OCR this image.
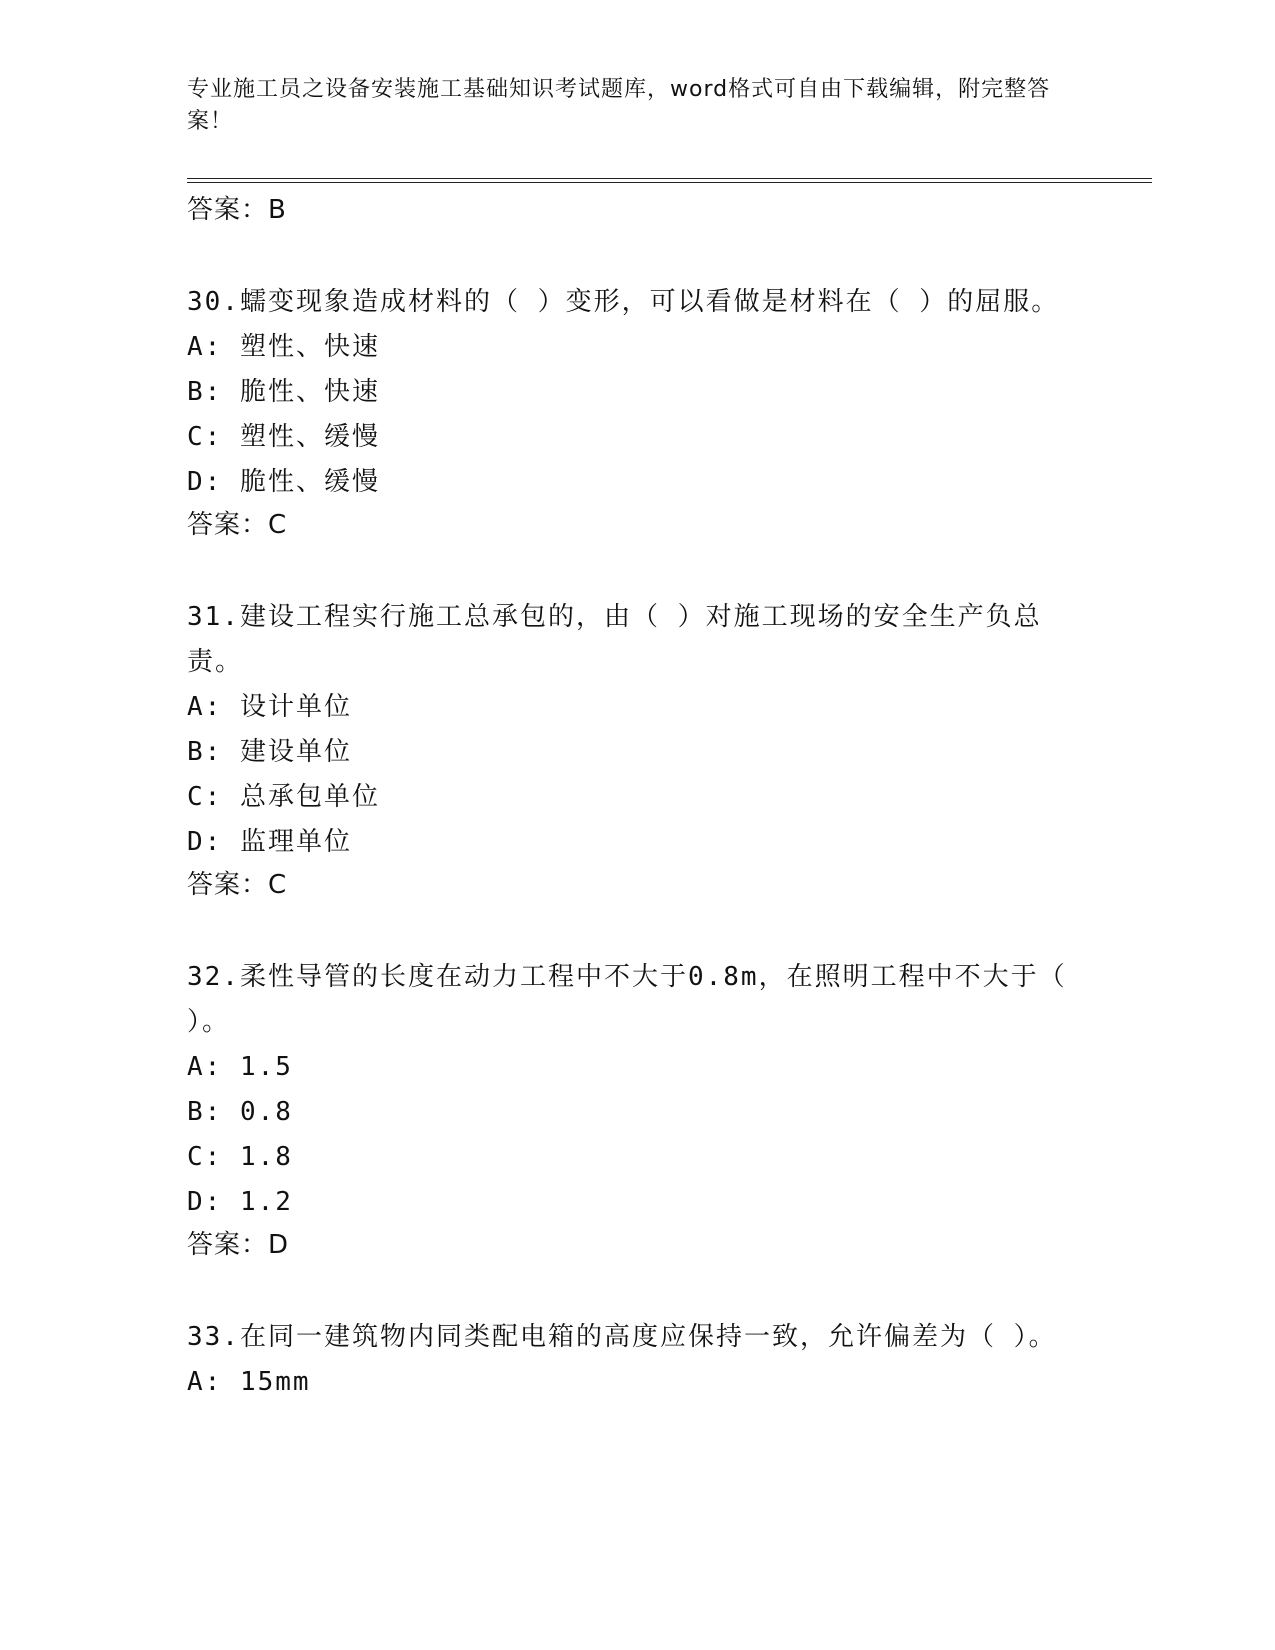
专业施工员之设备安装施工基础知识考试题库，word格式可自由下载编辑，附完整答案！

答案：B

30.蠕变现象造成材料的（ ）变形，可以看做是材料在（ ）的屈服。

A: 塑性、快速

B: 脆性、快速

C: 塑性、缓慢

D: 脆性、缓慢

答案：C

31.建设工程实行施工总承包的，由（ ）对施工现场的安全生产负总责。

A: 设计单位

B: 建设单位

C: 总承包单位

D: 监理单位

答案：C

32.柔性导管的长度在动力工程中不大于0.8m，在照明工程中不大于（ ）。

A: 1.5

B: 0.8

C: 1.8

D: 1.2

答案：D

33.在同一建筑物内同类配电箱的高度应保持一致，允许偏差为（ ）。

A: 15mm
